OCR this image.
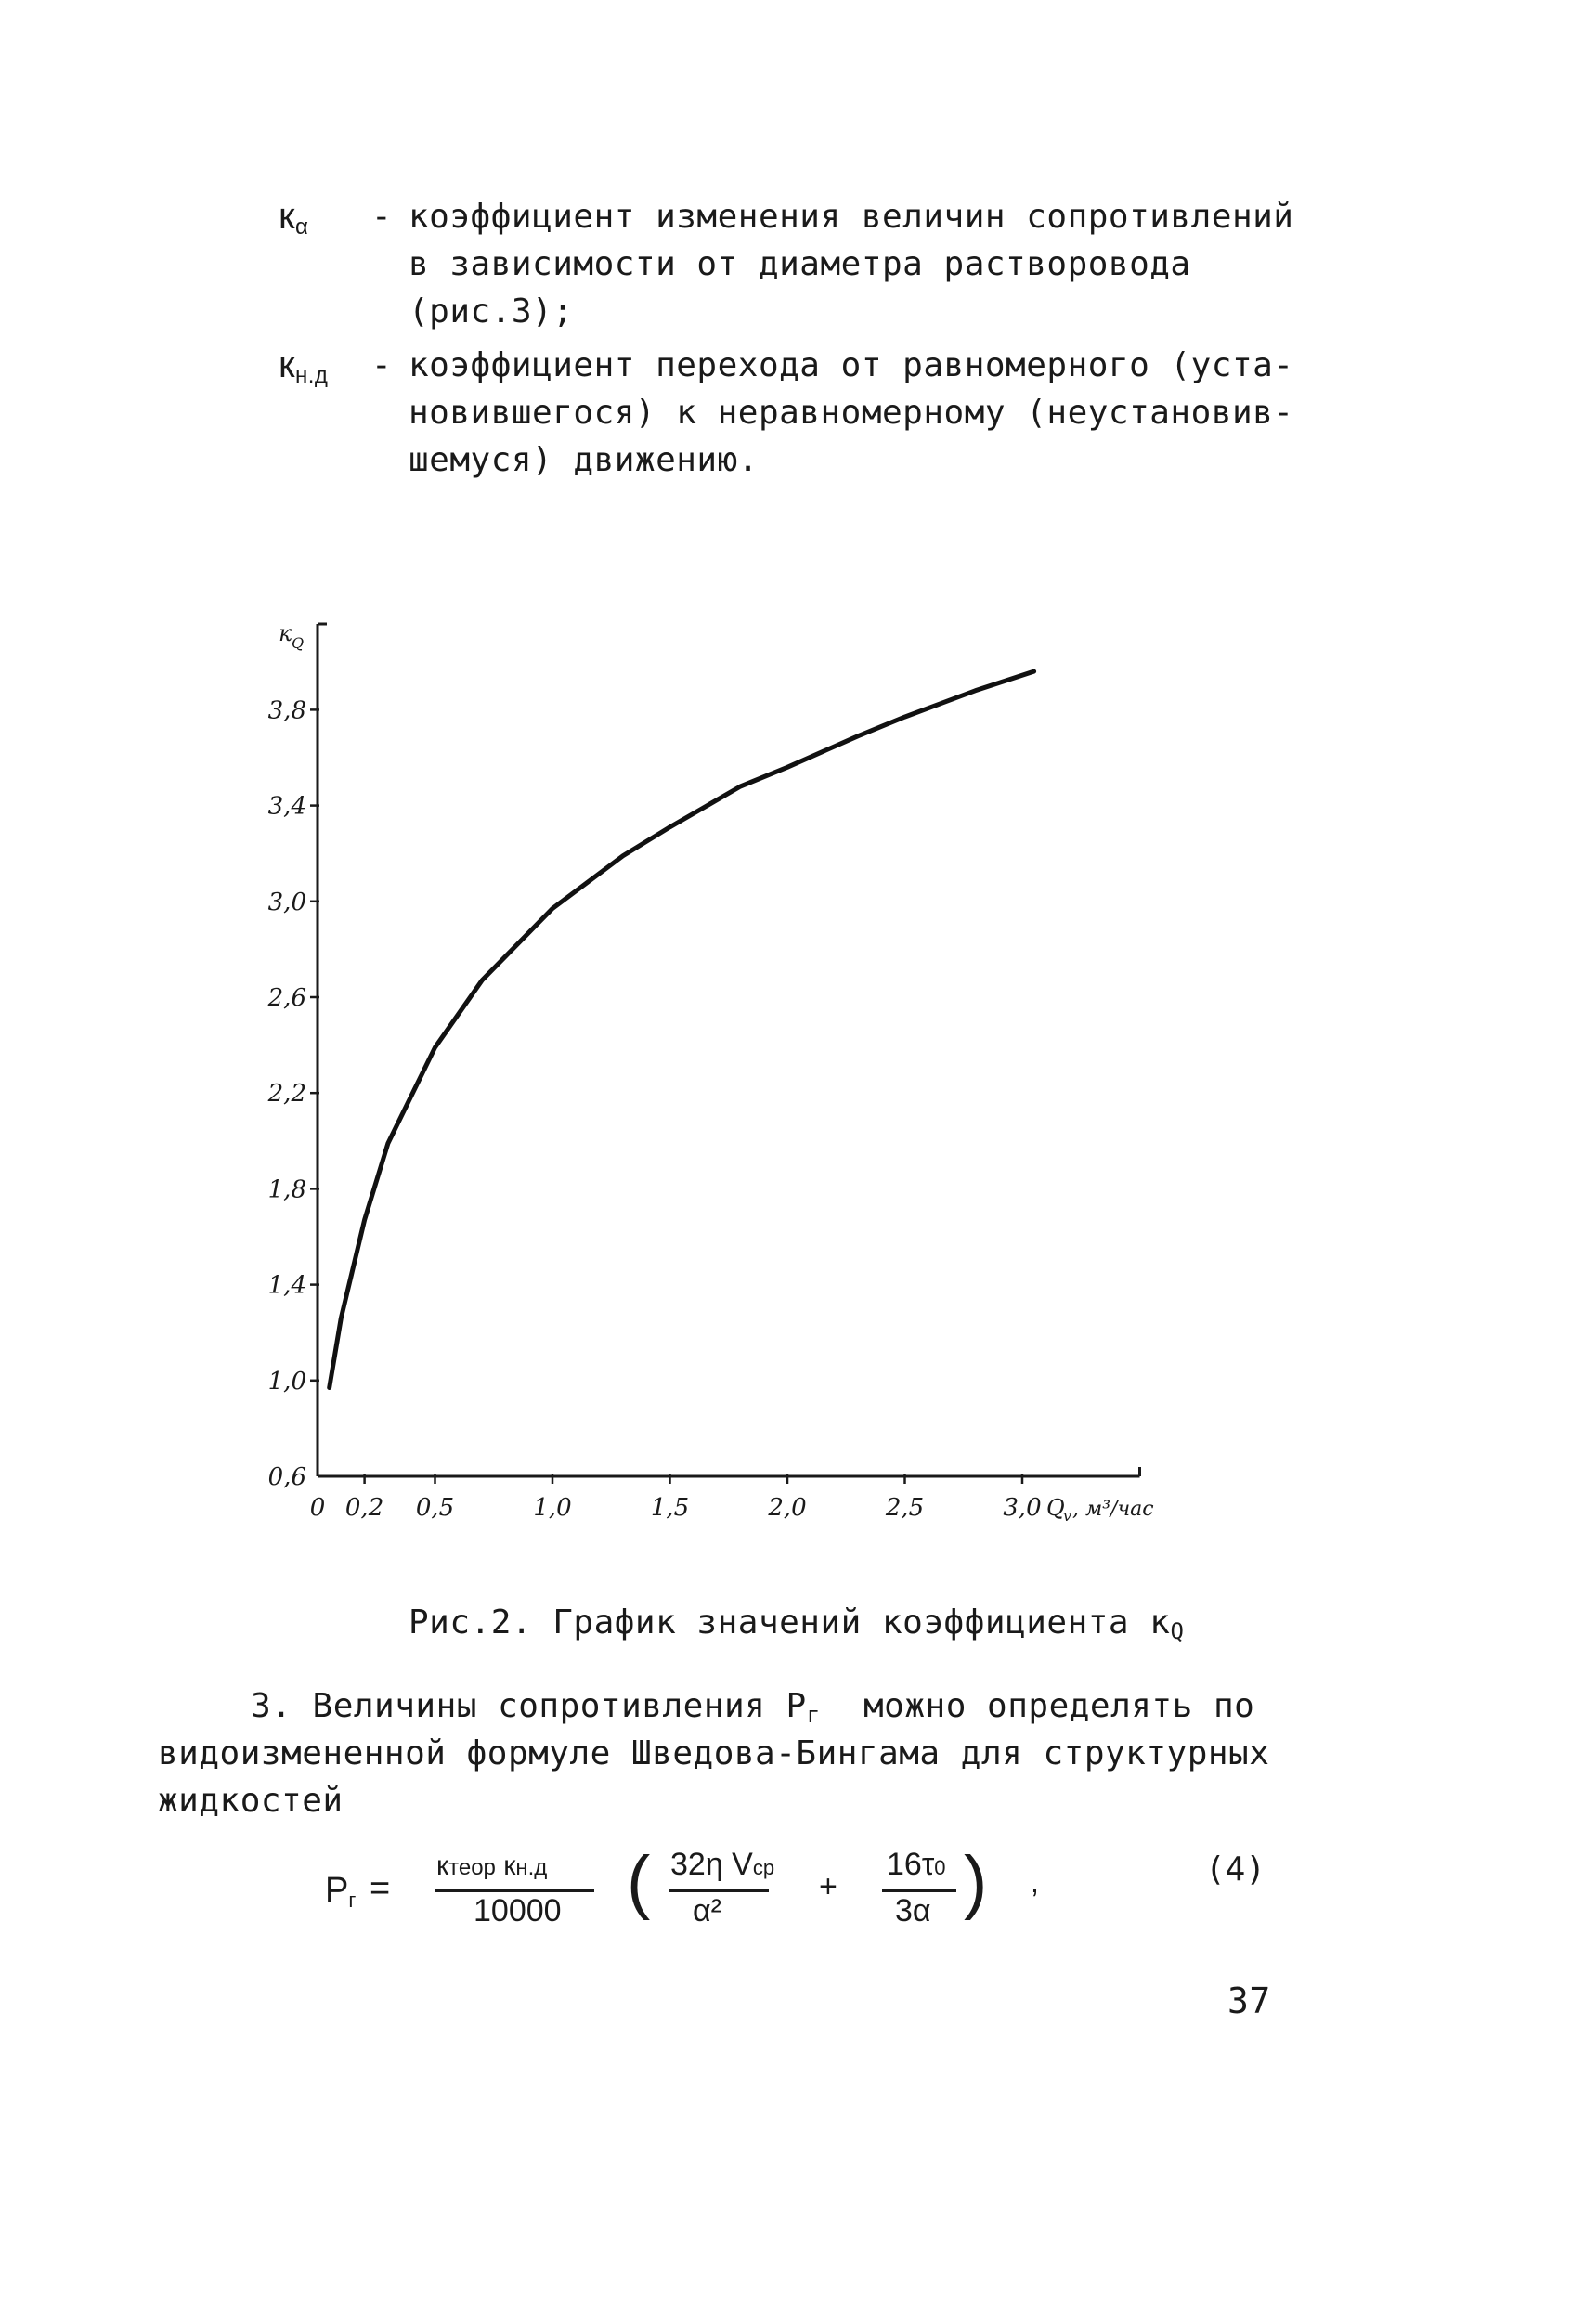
$к_\alpha$ - коэффициент изменения величин сопротивлений
в зависимости от диаметра растворовода
(рис.3);
$к_{н.д}$ - коэффициент перехода от равномерного (уста-
новившегося) к неравномерному (неустановив-
шемуся) движению.
0,6
1,0
1,4
1,8
2,2
2,6
3,0
3,4
3,8
0 0,2 0,5	1,0	1,5	2,0	2,5	3,0
к Q
Q
v , м³/час
Рис.2. График значений коэффициента $к_Q$
3. Величины сопротивления $P_г$ можно определять по
видоизмененной формуле Шведова-Бингама для структурных
жидкостей
Pг =
ктеор кн.д
10000 ( 32η Vср
α²
+
16τ0
3α ) ,	(4)
37
